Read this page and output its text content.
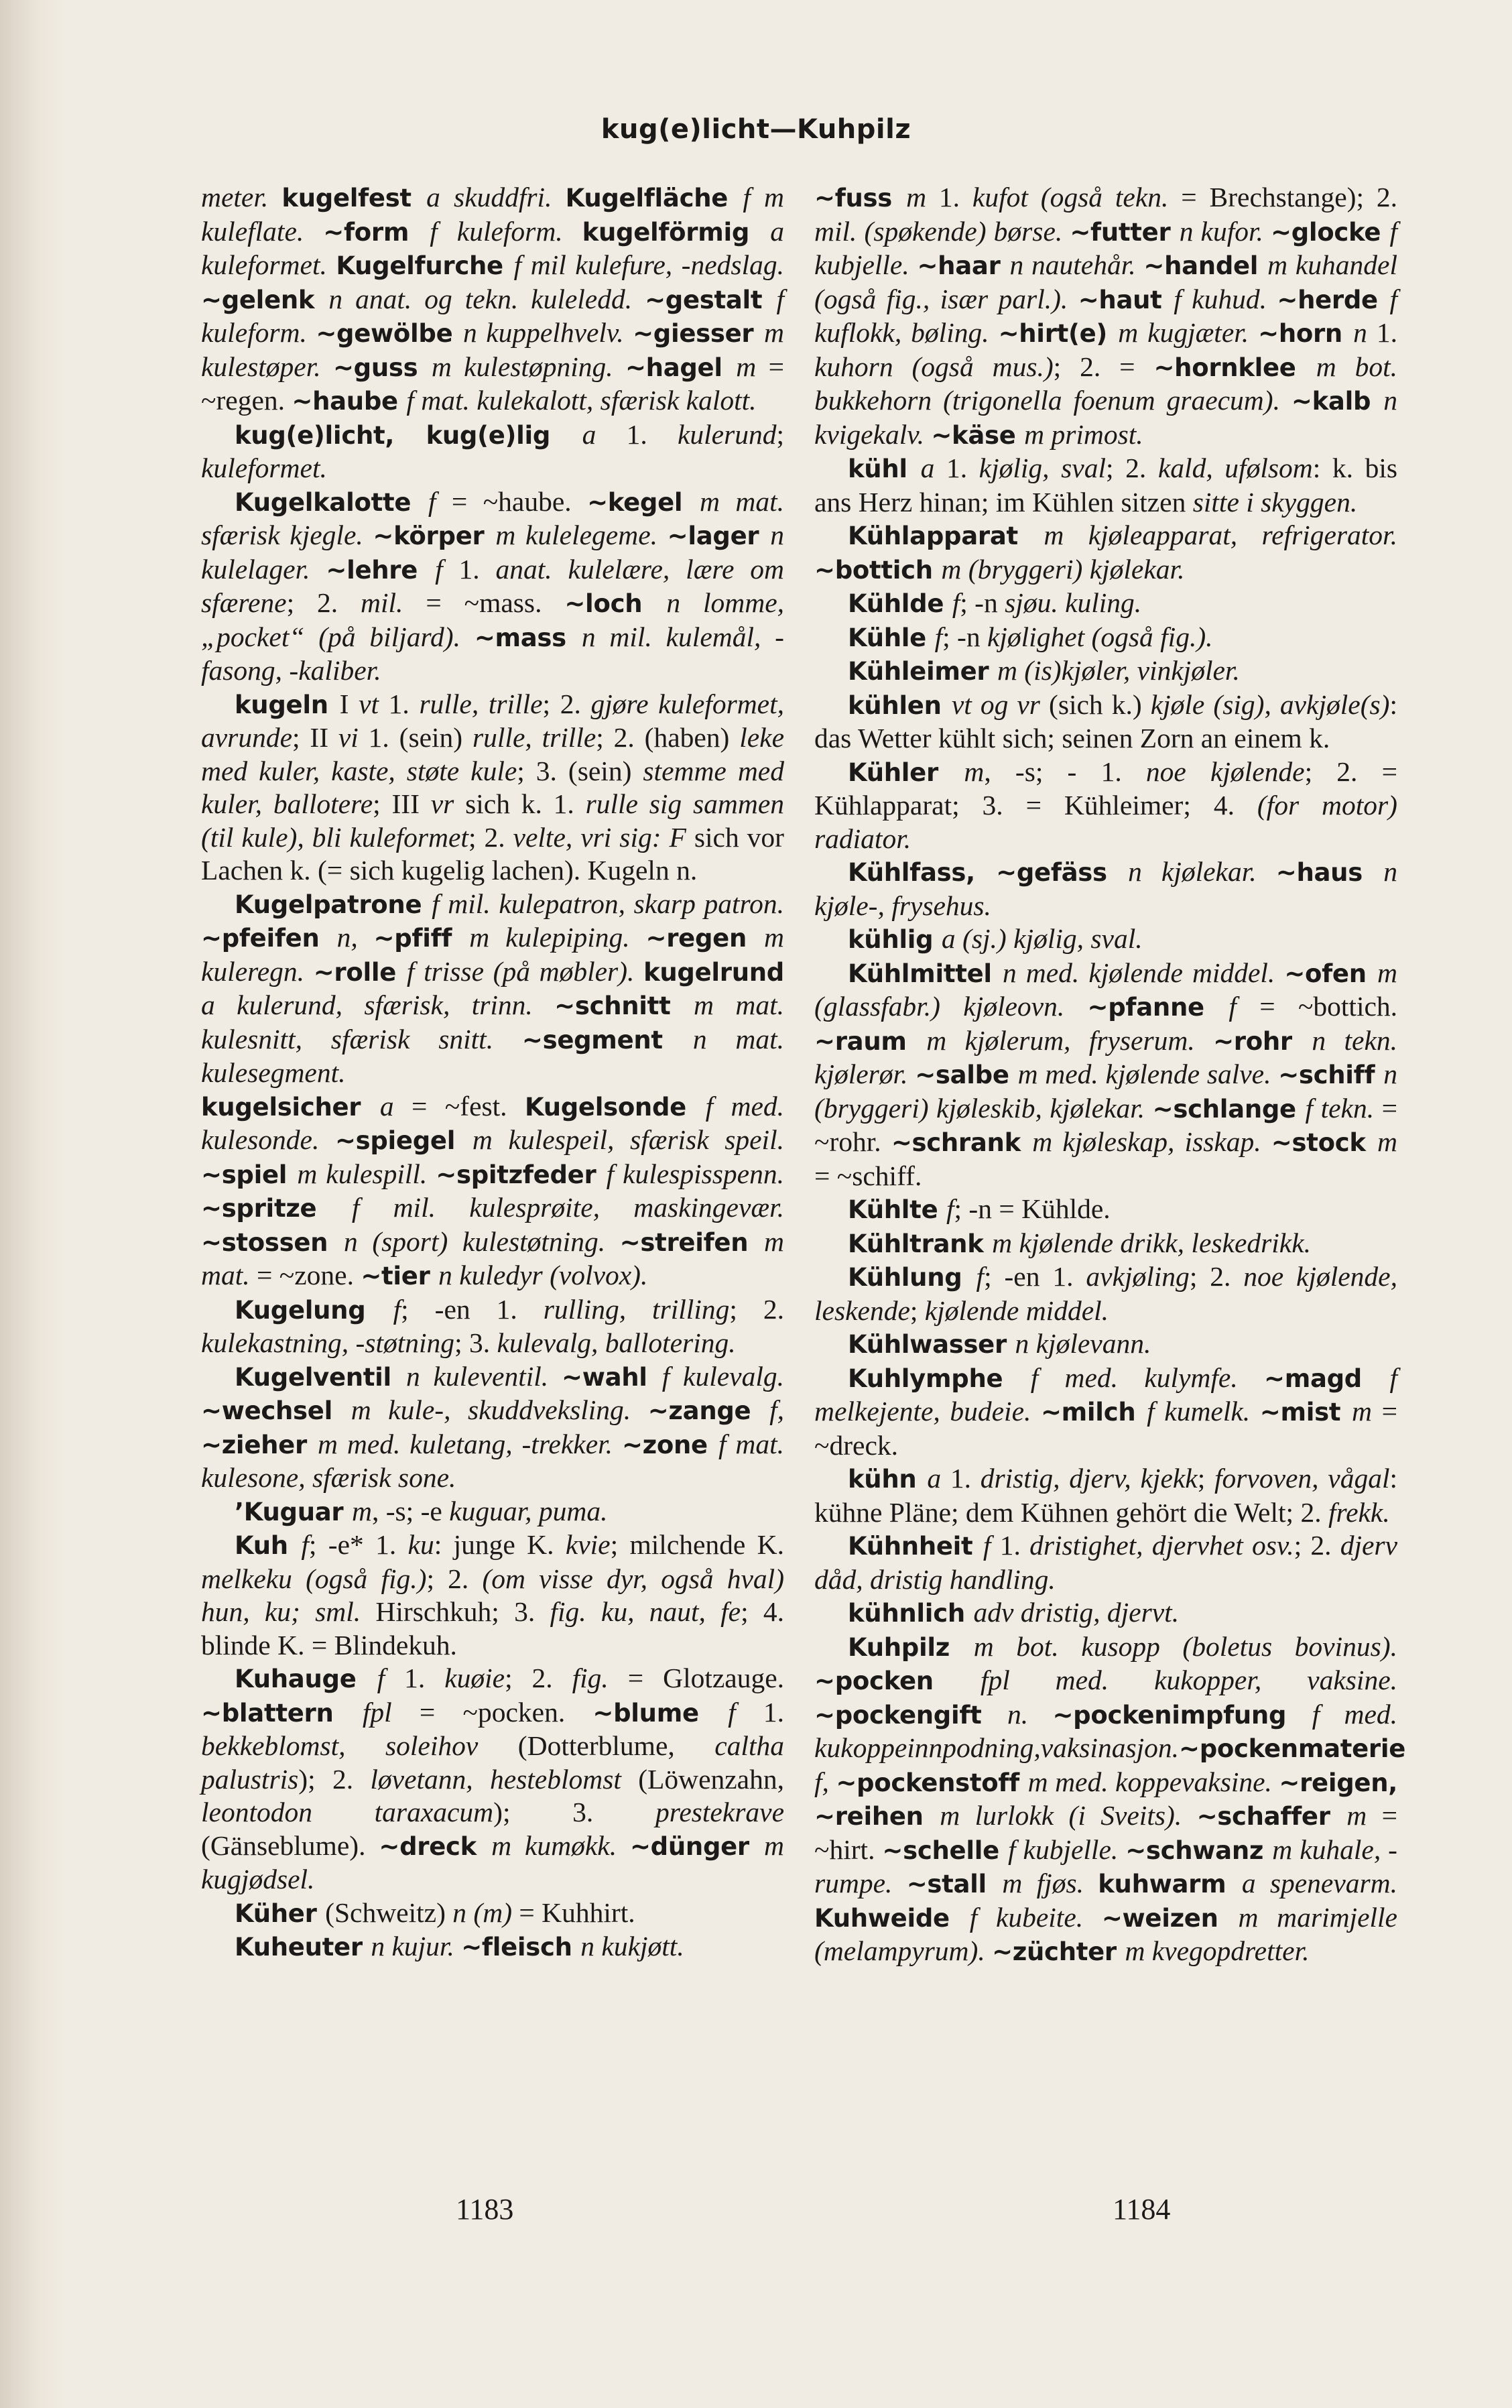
kug(e)licht—Kuhpilz

meter. kugelfest a skuddfri. Kugelfläche f m kuleflate. ~form f kuleform. kugelförmig a kuleformet. Kugelfurche f mil kulefure, -nedslag. ~gelenk n anat. og tekn. kuleledd. ~gestalt f kuleform. ~gewölbe n kuppelhvelv. ~giesser m kulestøper. ~guss m kulestøpning. ~hagel m = ~regen. ~haube f mat. kulekalott, sfærisk kalott.

kug(e)licht, kug(e)lig a 1. kulerund; kuleformet.

Kugelkalotte f = ~haube. ~kegel m mat. sfærisk kjegle. ~körper m kulelegeme. ~lager n kulelager. ~lehre f 1. anat. kulelære, lære om sfærene; 2. mil. = ~mass. ~loch n lomme, „pocket“ (på biljard). ~mass n mil. kulemål, -fasong, -kaliber.

kugeln I vt 1. rulle, trille; 2. gjøre kuleformet, avrunde; II vi 1. (sein) rulle, trille; 2. (haben) leke med kuler, kaste, støte kule; 3. (sein) stemme med kuler, ballotere; III vr sich k. 1. rulle sig sammen (til kule), bli kuleformet; 2. velte, vri sig: F sich vor Lachen k. (= sich kugelig lachen). Kugeln n.

Kugelpatrone f mil. kulepatron, skarp patron. ~pfeifen n, ~pfiff m kulepiping. ~regen m kuleregn. ~rolle f trisse (på møbler). kugelrund a kulerund, sfærisk, trinn. ~schnitt m mat. kulesnitt, sfærisk snitt. ~segment n mat. kulesegment.

kugelsicher a = ~fest. Kugelsonde f med. kulesonde. ~spiegel m kulespeil, sfærisk speil. ~spiel m kulespill. ~spitzfeder f kulespisspenn. ~spritze f mil. kulesprøite, maskingevær. ~stossen n (sport) kulestøtning. ~streifen m mat. = ~zone. ~tier n kuledyr (volvox).

Kugelung f; -en 1. rulling, trilling; 2. kulekastning, -støtning; 3. kulevalg, ballotering.

Kugelventil n kuleventil. ~wahl f kulevalg. ~wechsel m kule-, skuddveksling. ~zange f, ~zieher m med. kuletang, -trekker. ~zone f mat. kulesone, sfærisk sone.

’Kuguar m, -s; -e kuguar, puma.

Kuh f; -e* 1. ku: junge K. kvie; milchende K. melkeku (også fig.); 2. (om visse dyr, også hval) hun, ku; sml. Hirschkuh; 3. fig. ku, naut, fe; 4. blinde K. = Blindekuh.

Kuhauge f 1. kuøie; 2. fig. = Glotzauge. ~blattern fpl = ~pocken. ~blume f 1. bekkeblomst, soleihov (Dotterblume, caltha palustris); 2. løvetann, hesteblomst (Löwenzahn, leontodon taraxacum); 3. prestekrave (Gänseblume). ~dreck m kumøkk. ~dünger m kugjødsel.

Küher (Schweitz) n (m) = Kuhhirt.

Kuheuter n kujur. ~fleisch n kukjøtt.

~fuss m 1. kufot (også tekn. = Brechstange); 2. mil. (spøkende) børse. ~futter n kufor. ~glocke f kubjelle. ~haar n nautehår. ~handel m kuhandel (også fig., især parl.). ~haut f kuhud. ~herde f kuflokk, bøling. ~hirt(e) m kugjæter. ~horn n 1. kuhorn (også mus.); 2. = ~hornklee m bot. bukkehorn (trigonella foenum graecum). ~kalb n kvigekalv. ~käse m primost.

kühl a 1. kjølig, sval; 2. kald, ufølsom: k. bis ans Herz hinan; im Kühlen sitzen sitte i skyggen.

Kühlapparat m kjøleapparat, refrigerator. ~bottich m (bryggeri) kjølekar.

Kühlde f; -n sjøu. kuling.

Kühle f; -n kjølighet (også fig.).

Kühleimer m (is)kjøler, vinkjøler.

kühlen vt og vr (sich k.) kjøle (sig), avkjøle(s): das Wetter kühlt sich; seinen Zorn an einem k.

Kühler m, -s; - 1. noe kjølende; 2. = Kühlapparat; 3. = Kühleimer; 4. (for motor) radiator.

Kühlfass, ~gefäss n kjølekar. ~haus n kjøle-, frysehus.

kühlig a (sj.) kjølig, sval.

Kühlmittel n med. kjølende middel. ~ofen m (glassfabr.) kjøleovn. ~pfanne f = ~bottich. ~raum m kjølerum, fryserum. ~rohr n tekn. kjølerør. ~salbe m med. kjølende salve. ~schiff n (bryggeri) kjøleskib, kjølekar. ~schlange f tekn. = ~rohr. ~schrank m kjøleskap, isskap. ~stock m = ~schiff.

Kühlte f; -n = Kühlde.

Kühltrank m kjølende drikk, leskedrikk.

Kühlung f; -en 1. avkjøling; 2. noe kjølende, leskende; kjølende middel.

Kühlwasser n kjølevann.

Kuhlymphe f med. kulymfe. ~magd f melkejente, budeie. ~milch f kumelk. ~mist m = ~dreck.

kühn a 1. dristig, djerv, kjekk; forvoven, vågal: kühne Pläne; dem Kühnen gehört die Welt; 2. frekk.

Kühnheit f 1. dristighet, djervhet osv.; 2. djerv dåd, dristig handling.

kühnlich adv dristig, djervt.

Kuhpilz m bot. kusopp (boletus bovinus). ~pocken fpl med. kukopper, vaksine. ~pockengift n. ~pockenimpfung f med. kukoppeinnpodning,vaksinasjon.~pockenmaterie f, ~pockenstoff m med. koppevaksine. ~reigen, ~reihen m lurlokk (i Sveits). ~schaffer m = ~hirt. ~schelle f kubjelle. ~schwanz m kuhale, -rumpe. ~stall m fjøs. kuhwarm a spenevarm. Kuhweide f kubeite. ~weizen m marimjelle (melampyrum). ~züchter m kvegopdretter.

1183	1184
